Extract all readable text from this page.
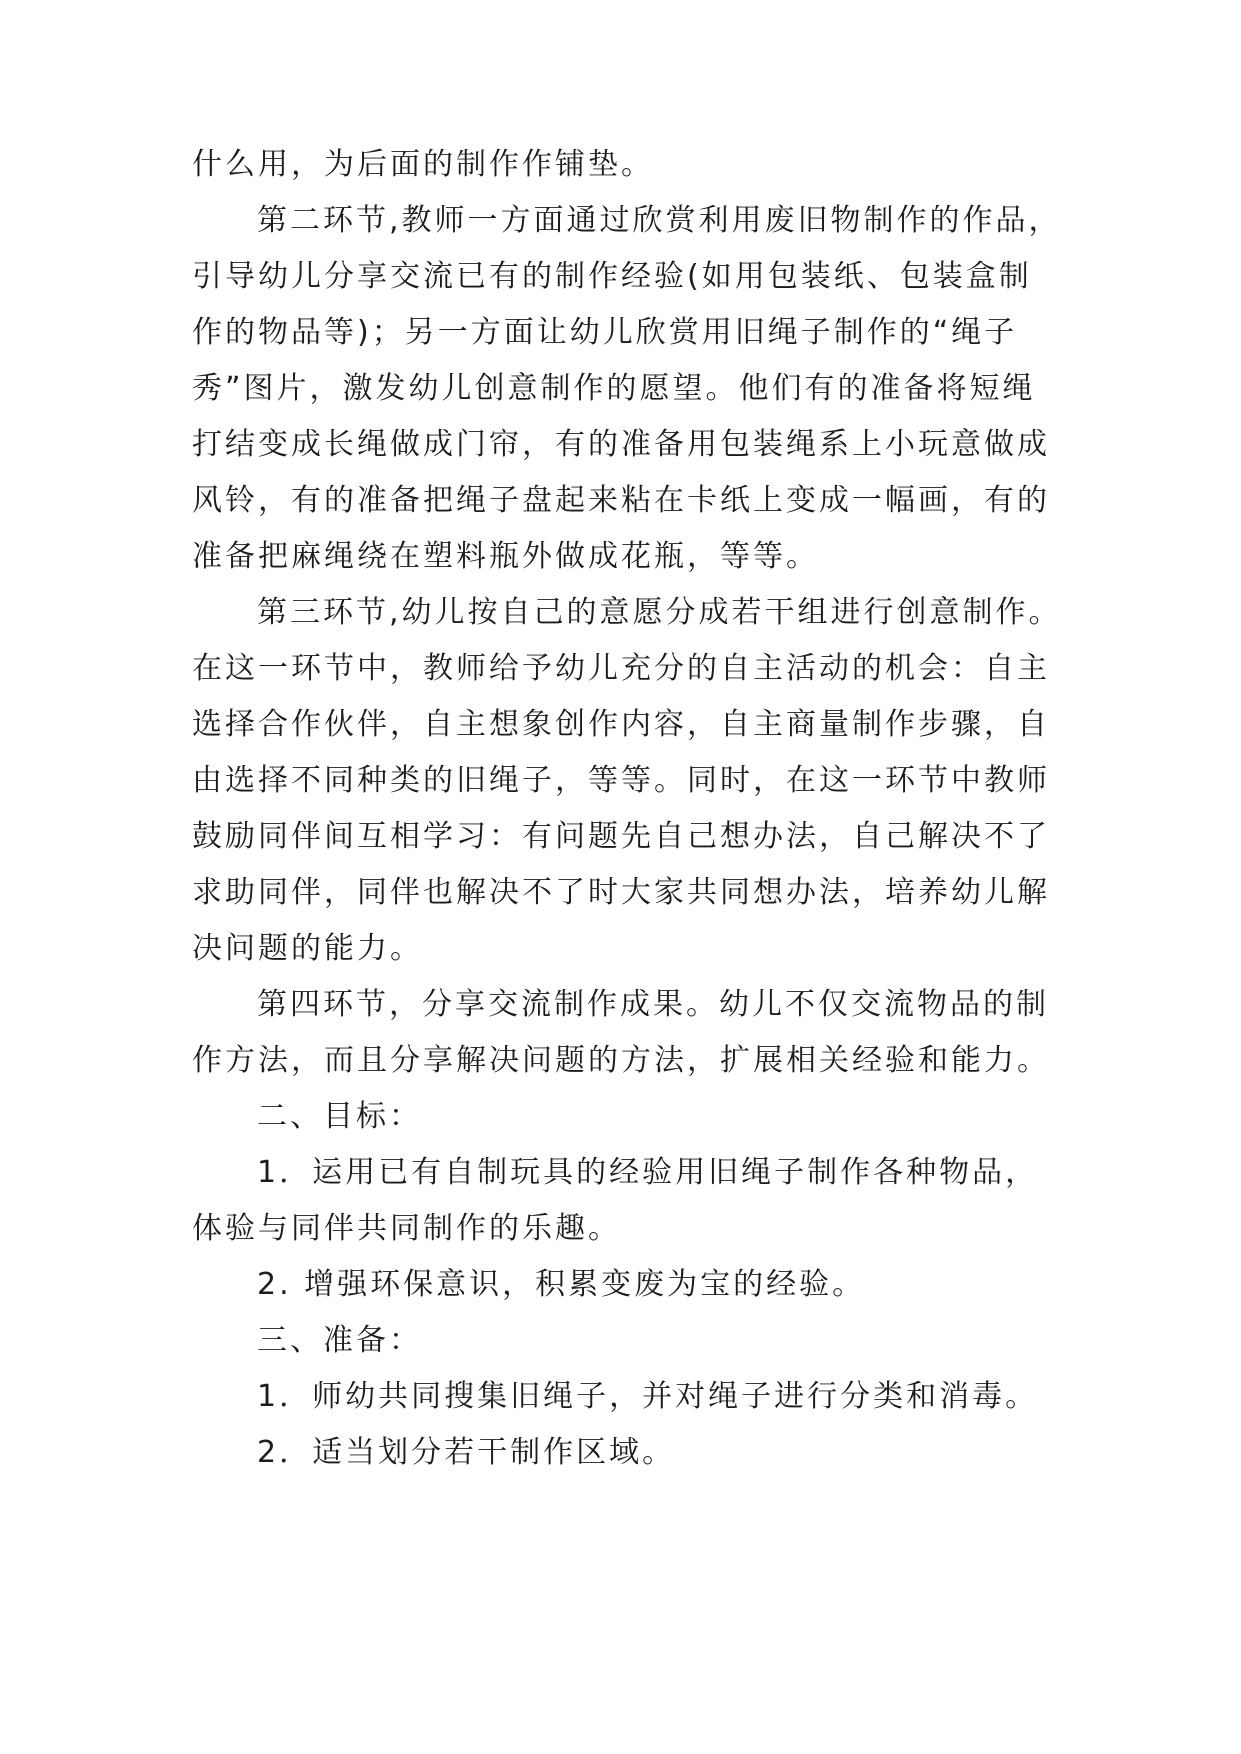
什么用，为后面的制作作铺垫。
第二环节,教师一方面通过欣赏利用废旧物制作的作品，
引导幼儿分享交流已有的制作经验(如用包装纸、包装盒制
作的物品等)；另一方面让幼儿欣赏用旧绳子制作的“绳子
秀”图片，激发幼儿创意制作的愿望。他们有的准备将短绳
打结变成长绳做成门帘，有的准备用包装绳系上小玩意做成
风铃，有的准备把绳子盘起来粘在卡纸上变成一幅画，有的
准备把麻绳绕在塑料瓶外做成花瓶，等等。
第三环节,幼儿按自己的意愿分成若干组进行创意制作。
在这一环节中，教师给予幼儿充分的自主活动的机会：自主
选择合作伙伴，自主想象创作内容，自主商量制作步骤，自
由选择不同种类的旧绳子，等等。同时，在这一环节中教师
鼓励同伴间互相学习：有问题先自己想办法，自己解决不了
求助同伴，同伴也解决不了时大家共同想办法，培养幼儿解
决问题的能力。
第四环节，分享交流制作成果。幼儿不仅交流物品的制
作方法，而且分享解决问题的方法，扩展相关经验和能力。
二、目标：
1．运用已有自制玩具的经验用旧绳子制作各种物品，
体验与同伴共同制作的乐趣。
2. 增强环保意识，积累变废为宝的经验。
三、准备：
1．师幼共同搜集旧绳子，并对绳子进行分类和消毒。
2．适当划分若干制作区域。
